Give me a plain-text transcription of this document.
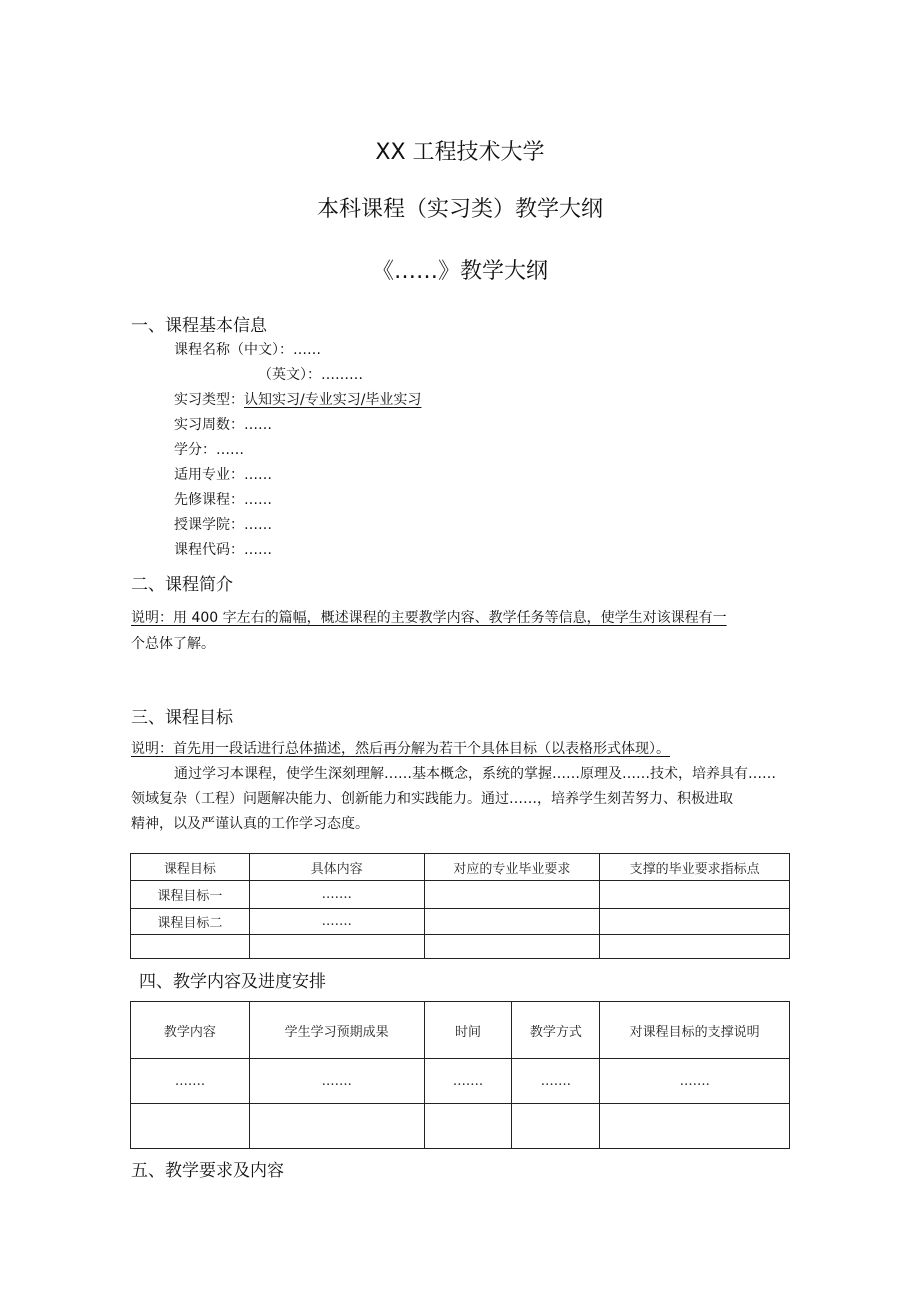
XX 工程技术大学
本科课程（实习类）教学大纲
《……》教学大纲
一、课程基本信息
课程名称（中文）：……
（英文）：………
实习类型：认知实习/专业实习/毕业实习
实习周数：……
学分：……
适用专业：……
先修课程：……
授课学院：……
课程代码：……
二、课程简介
说明：用 400 字左右的篇幅，概述课程的主要教学内容、教学任务等信息，使学生对该课程有一
个总体了解。
三、课程目标
说明：首先用一段话进行总体描述，然后再分解为若干个具体目标（以表格形式体现）。
通过学习本课程，使学生深刻理解……基本概念，系统的掌握……原理及……技术，培养具有……
领域复杂（工程）问题解决能力、创新能力和实践能力。通过……，培养学生刻苦努力、积极进取
精神，以及严谨认真的工作学习态度。
课程目标	具体内容	对应的专业毕业要求	支撑的毕业要求指标点
课程目标一	…….		
课程目标二	…….		

四、教学内容及进度安排
教学内容	学生学习预期成果	时间	教学方式	对课程目标的支撑说明
…….	…….	…….	…….	…….

五、教学要求及内容
